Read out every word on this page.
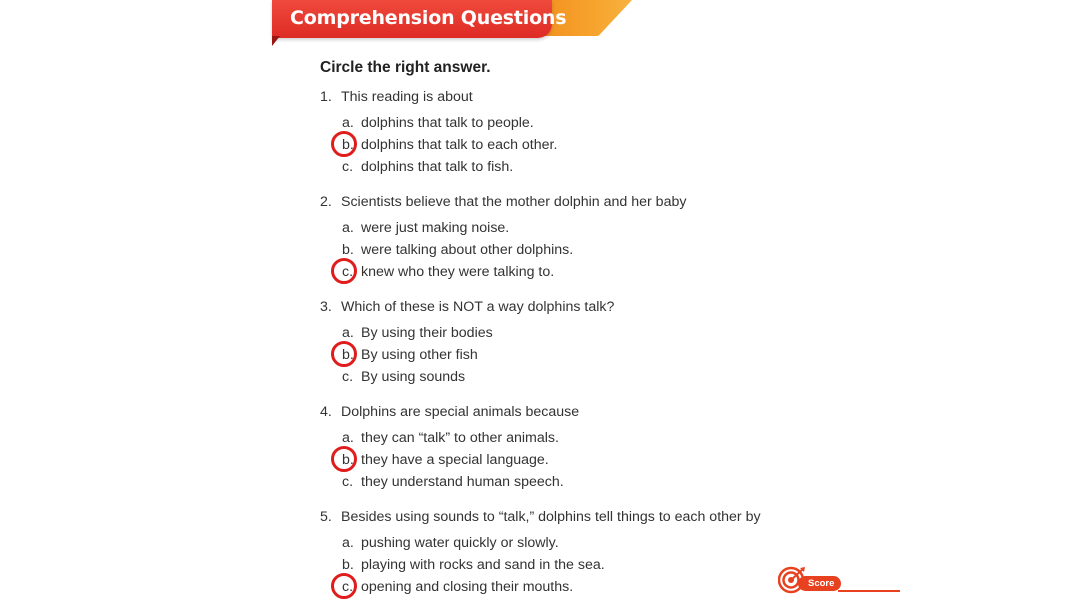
Comprehension Questions
Circle the right answer.
1. This reading is about
a. dolphins that talk to people.
b. dolphins that talk to each other.
c. dolphins that talk to fish.
2. Scientists believe that the mother dolphin and her baby
a. were just making noise.
b. were talking about other dolphins.
c. knew who they were talking to.
3. Which of these is NOT a way dolphins talk?
a. By using their bodies
b. By using other fish
c. By using sounds
4. Dolphins are special animals because
a. they can “talk” to other animals.
b. they have a special language.
c. they understand human speech.
5. Besides using sounds to “talk,” dolphins tell things to each other by
a. pushing water quickly or slowly.
b. playing with rocks and sand in the sea.
c. opening and closing their mouths.	Score
